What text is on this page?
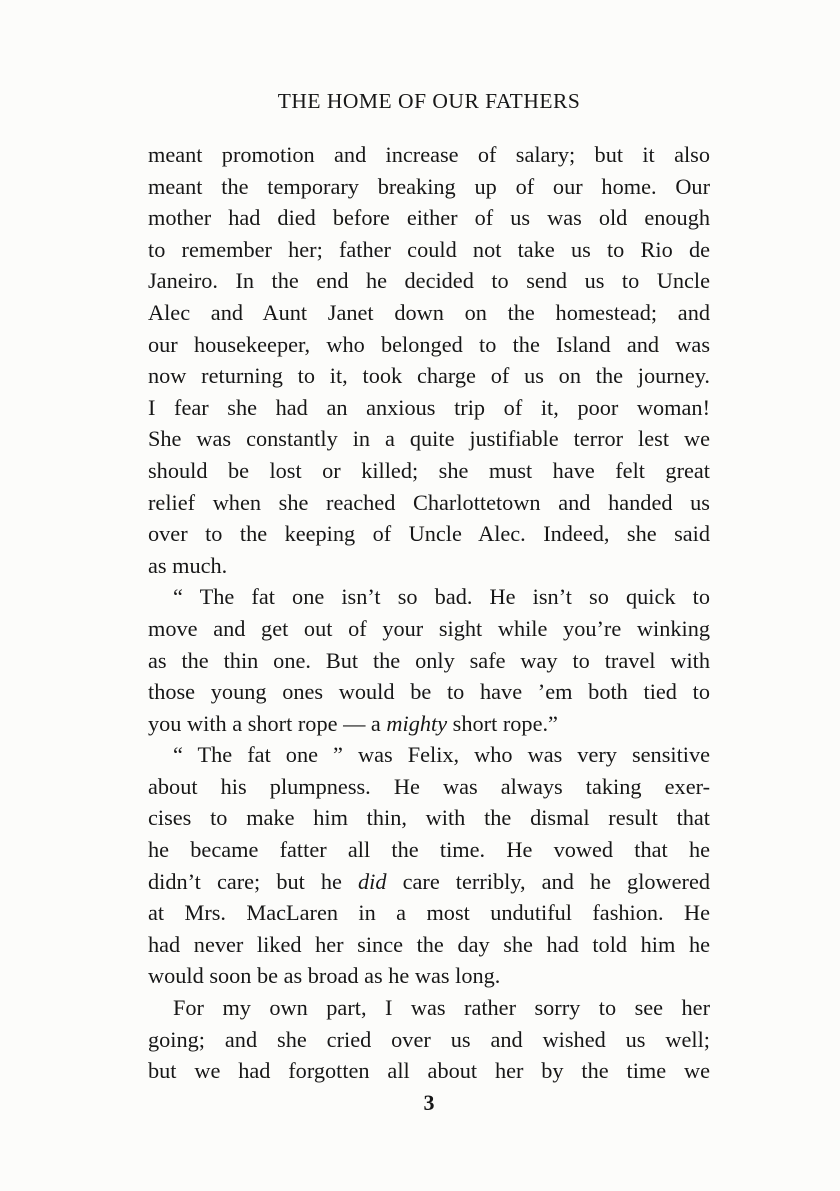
THE HOME OF OUR FATHERS
meant promotion and increase of salary; but it also
meant the temporary breaking up of our home. Our
mother had died before either of us was old enough
to remember her; father could not take us to Rio de
Janeiro. In the end he decided to send us to Uncle
Alec and Aunt Janet down on the homestead; and
our housekeeper, who belonged to the Island and was
now returning to it, took charge of us on the journey.
I fear she had an anxious trip of it, poor woman!
She was constantly in a quite justifiable terror lest we
should be lost or killed; she must have felt great
relief when she reached Charlottetown and handed us
over to the keeping of Uncle Alec. Indeed, she said
as much.
“ The fat one isn’t so bad. He isn’t so quick to
move and get out of your sight while you’re winking
as the thin one. But the only safe way to travel with
those young ones would be to have ’em both tied to
you with a short rope — a mighty short rope.”
“ The fat one ” was Felix, who was very sensitive
about his plumpness. He was always taking exer-
cises to make him thin, with the dismal result that
he became fatter all the time. He vowed that he
didn’t care; but he did care terribly, and he glowered
at Mrs. MacLaren in a most undutiful fashion. He
had never liked her since the day she had told him he
would soon be as broad as he was long.
For my own part, I was rather sorry to see her
going; and she cried over us and wished us well;
but we had forgotten all about her by the time we
3
